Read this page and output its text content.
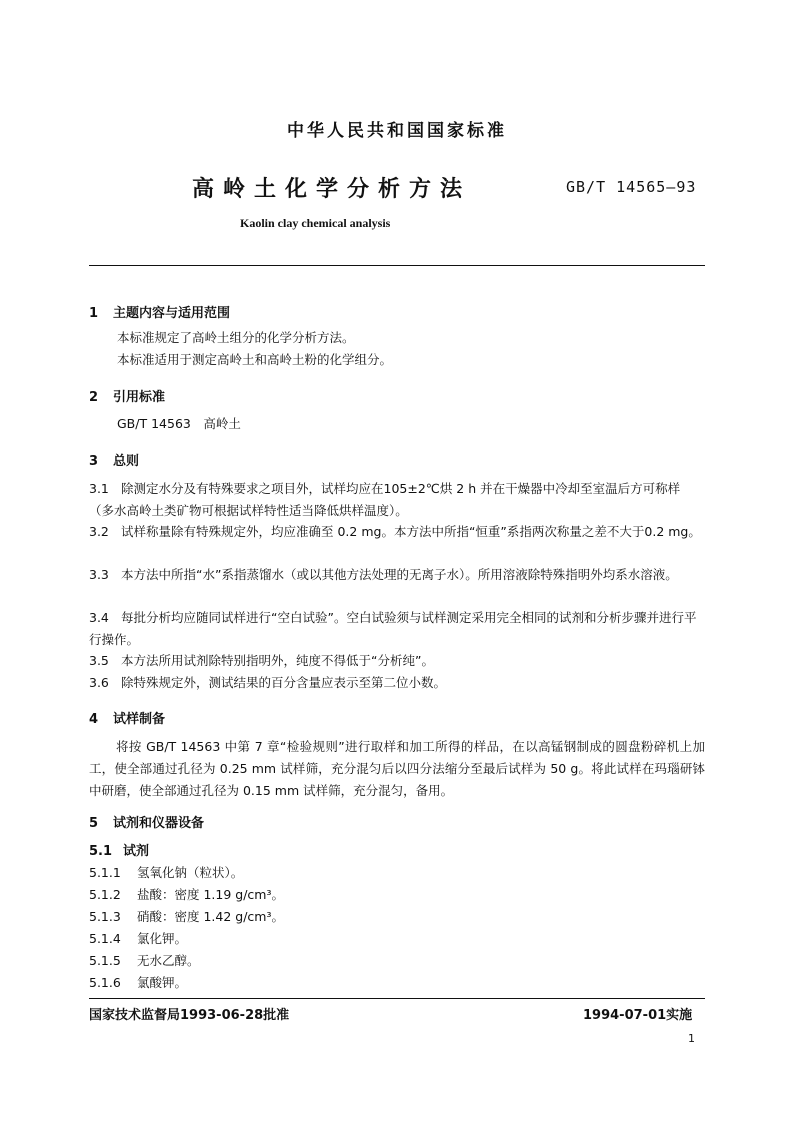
中华人民共和国国家标准
高岭土化学分析方法	GB/T 14565—93
Kaolin clay chemical analysis
1 主题内容与适用范围
本标准规定了高岭土组分的化学分析方法。
本标准适用于测定高岭土和高岭土粉的化学组分。
2 引用标准
GB/T 14563　高岭土
3 总则
3.1 除测定水分及有特殊要求之项目外，试样均应在105±2℃烘 2 h 并在干燥器中冷却至室温后方可称样（多水高岭土类矿物可根据试样特性适当降低烘样温度）。
3.2 试样称量除有特殊规定外，均应准确至 0.2 mg。本方法中所指“恒重”系指两次称量之差不大于0.2 mg。
3.3 本方法中所指“水”系指蒸馏水（或以其他方法处理的无离子水）。所用溶液除特殊指明外均系水溶液。
3.4 每批分析均应随同试样进行“空白试验”。空白试验须与试样测定采用完全相同的试剂和分析步骤并进行平行操作。
3.5 本方法所用试剂除特别指明外，纯度不得低于“分析纯”。
3.6 除特殊规定外，测试结果的百分含量应表示至第二位小数。
4 试样制备
将按 GB/T 14563 中第 7 章“检验规则”进行取样和加工所得的样品，在以高锰钢制成的圆盘粉碎机上加工，使全部通过孔径为 0.25 mm 试样筛，充分混匀后以四分法缩分至最后试样为 50 g。将此试样在玛瑙研钵中研磨，使全部通过孔径为 0.15 mm 试样筛，充分混匀，备用。
5 试剂和仪器设备
5.1 试剂
5.1.1 氢氧化钠（粒状）。
5.1.2 盐酸：密度 1.19 g/cm³。
5.1.3 硝酸：密度 1.42 g/cm³。
5.1.4 氯化钾。
5.1.5 无水乙醇。
5.1.6 氯酸钾。
国家技术监督局1993-06-28批准	1994-07-01实施
1
